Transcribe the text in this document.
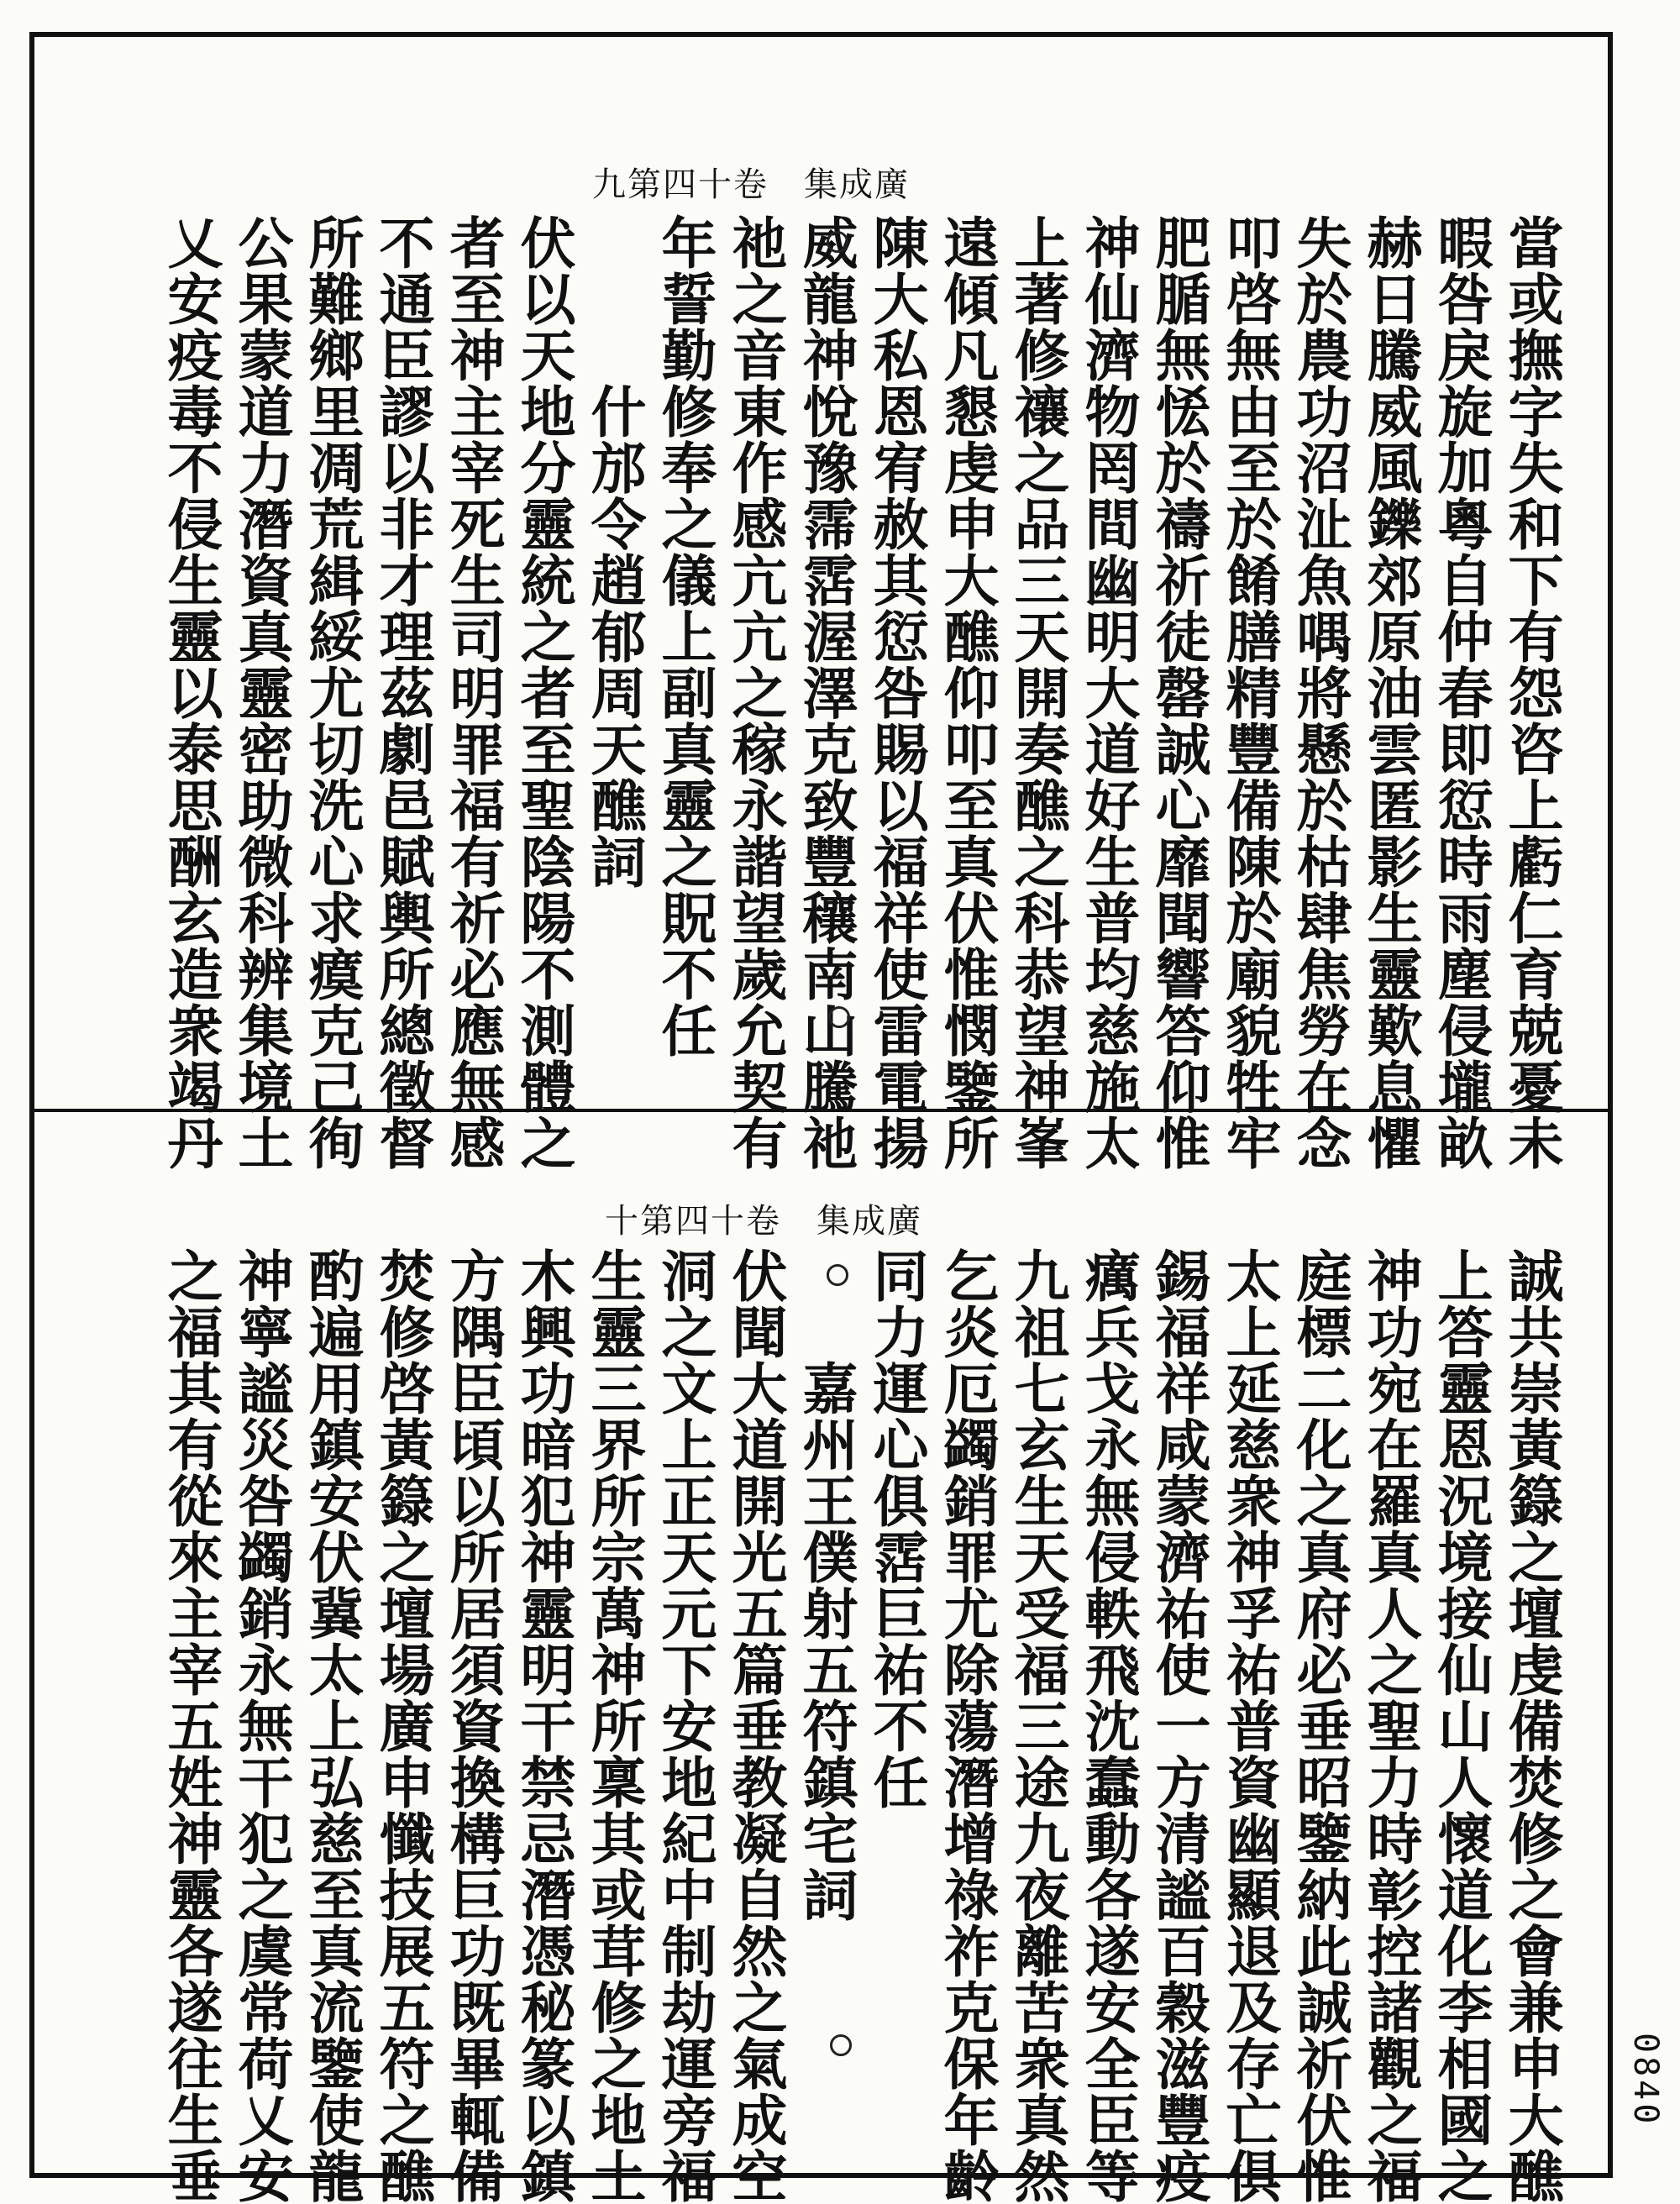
九第四十卷　集成廣
十第四十卷　集成廣
當或撫字失和下有怨咨上虧仁育兢憂未
暇咎戾旋加粵自仲春即愆時雨塵侵壠畝
赫日騰威風鑠郊原油雲匿影生靈歎息懼
失於農功沼沚魚喁將懸於枯肆焦勞在念
叩啓無由至於餚膳精豐備陳於廟貌牲牢
肥腯無恡於禱祈徒罄誠心靡聞響答仰惟
神仙濟物罔間幽明大道好生普均慈施太
上著修禳之品三天開奏醮之科恭望神峯
遠傾凡懇虔申大醮仰叩至真伏惟憫鑒所
陳大私恩宥赦其愆咎賜以福祥使雷電揚
威龍神悅豫霈霑渥澤克致豐穰南山騰祂
祂之音東作感亢亢之稼永諧望歲允契有
年誓勤修奉之儀上副真靈之貺不任
　　　什邡令趙郁周天醮詞
伏以天地分靈統之者至聖陰陽不測體之
者至神主宰死生司明罪福有祈必應無感
不通臣謬以非才理茲劇邑賦輿所總徵督
所難鄉里凋荒緝綏尤切洗心求瘼克己徇
公果蒙道力潛資真靈密助微科辨集境土
乂安疫毒不侵生靈以泰思酬玄造衆竭丹
誠共崇黃籙之壇虔備焚修之會兼申大醮
上答靈恩況境接仙山人懷道化李相國之
神功宛在羅真人之聖力時彰控諸觀之福
庭標二化之真府必垂昭鑒納此誠祈伏惟
太上延慈衆神孚祐普資幽顯退及存亡俱
錫福祥咸蒙濟祐使一方清謐百穀滋豐疫
癘兵戈永無侵軼飛沈蠢動各遂安全臣等
九祖七玄生天受福三途九夜離苦衆真然
乞炎厄蠲銷罪尤除蕩潛增祿祚克保年齡
同力運心俱霑巨祐不任
　　嘉州王僕射五符鎮宅詞
伏聞大道開光五篇垂教凝自然之氣成空
洞之文上正天元下安地紀中制劫運旁福
生靈三界所宗萬神所稟其或茸修之地土
木興功暗犯神靈明干禁忌潛憑秘篆以鎮
方隅臣頃以所居須資換構巨功既畢輒備
焚修啓黃籙之壇場廣申懺技展五符之醮
酌遍用鎮安伏冀太上弘慈至真流鑒使龍
神寧謐災咎蠲銷永無干犯之虞常荷乂安
之福其有從來主宰五姓神靈各遂往生垂	0840
